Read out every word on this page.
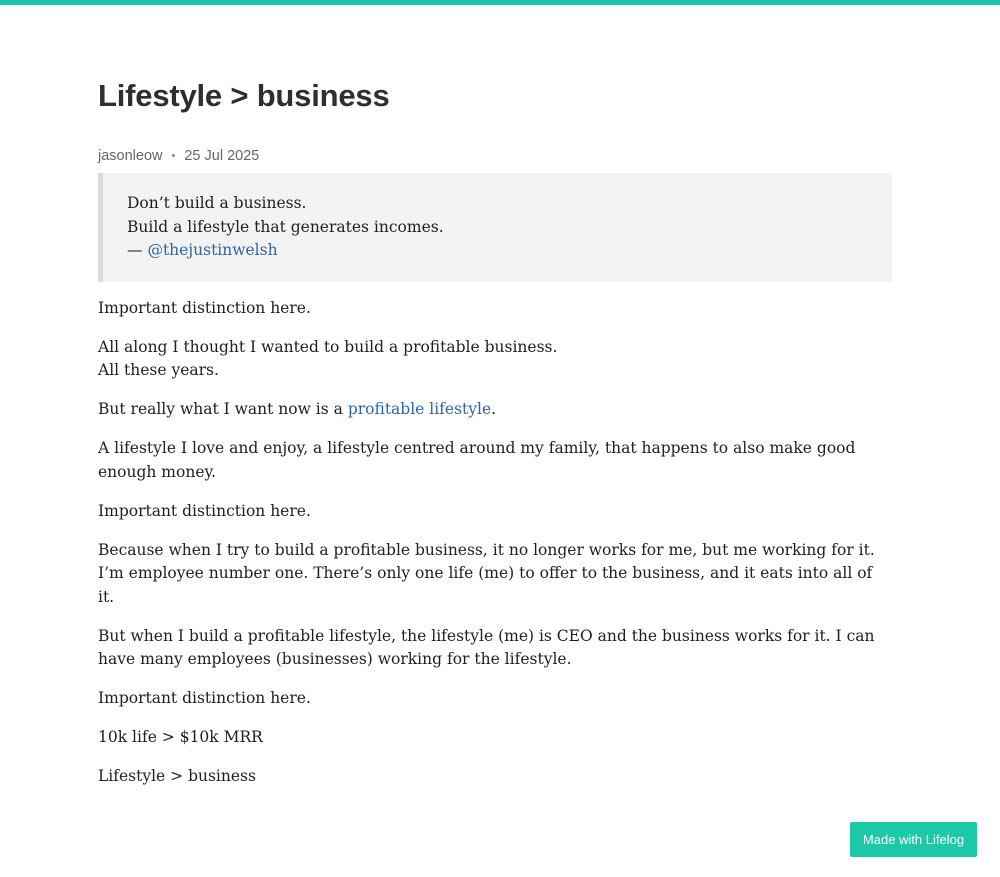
Lifestyle > business
jasonleow • 25 Jul 2025
Don’t build a business.
Build a lifestyle that generates incomes.
— @thejustinwelsh

Important distinction here.

All along I thought I wanted to build a profitable business.
All these years.

But really what I want now is a profitable lifestyle.

A lifestyle I love and enjoy, a lifestyle centred around my family, that happens to also make good enough money.

Important distinction here.

Because when I try to build a profitable business, it no longer works for me, but me working for it. I’m employee number one. There’s only one life (me) to offer to the business, and it eats into all of it.

But when I build a profitable lifestyle, the lifestyle (me) is CEO and the business works for it. I can have many employees (businesses) working for the lifestyle.

Important distinction here.

10k life > $10k MRR

Lifestyle > business

Made with Lifelog
